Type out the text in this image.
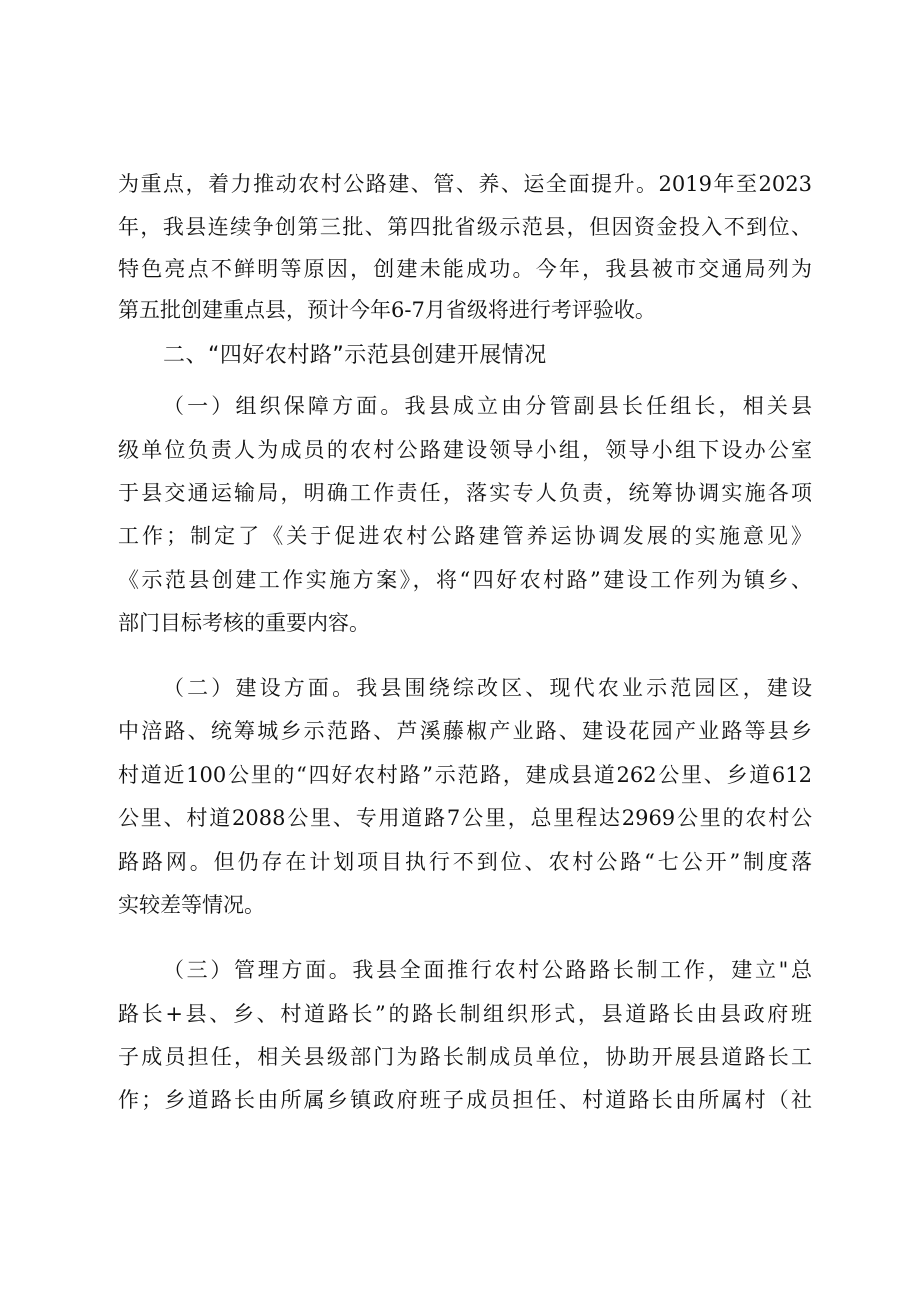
为重点，着力推动农村公路建、管、养、运全面提升。2019年至2023
年，我县连续争创第三批、第四批省级示范县，但因资金投入不到位、
特色亮点不鲜明等原因，创建未能成功。今年，我县被市交通局列为
第五批创建重点县，预计今年6-7月省级将进行考评验收。
二、“四好农村路”示范县创建开展情况
（一）组织保障方面。我县成立由分管副县长任组长，相关县
级单位负责人为成员的农村公路建设领导小组，领导小组下设办公室
于县交通运输局，明确工作责任，落实专人负责，统筹协调实施各项
工作；制定了《关于促进农村公路建管养运协调发展的实施意见》
《示范县创建工作实施方案》，将“四好农村路”建设工作列为镇乡、
部门目标考核的重要内容。
（二）建设方面。我县围绕综改区、现代农业示范园区，建设
中涪路、统筹城乡示范路、芦溪藤椒产业路、建设花园产业路等县乡
村道近100公里的“四好农村路”示范路，建成县道262公里、乡道612
公里、村道2088公里、专用道路7公里，总里程达2969公里的农村公
路路网。但仍存在计划项目执行不到位、农村公路“七公开”制度落
实较差等情况。
（三）管理方面。我县全面推行农村公路路长制工作，建立"总
路长+县、乡、村道路长”的路长制组织形式，县道路长由县政府班
子成员担任，相关县级部门为路长制成员单位，协助开展县道路长工
作；乡道路长由所属乡镇政府班子成员担任、村道路长由所属村（社
